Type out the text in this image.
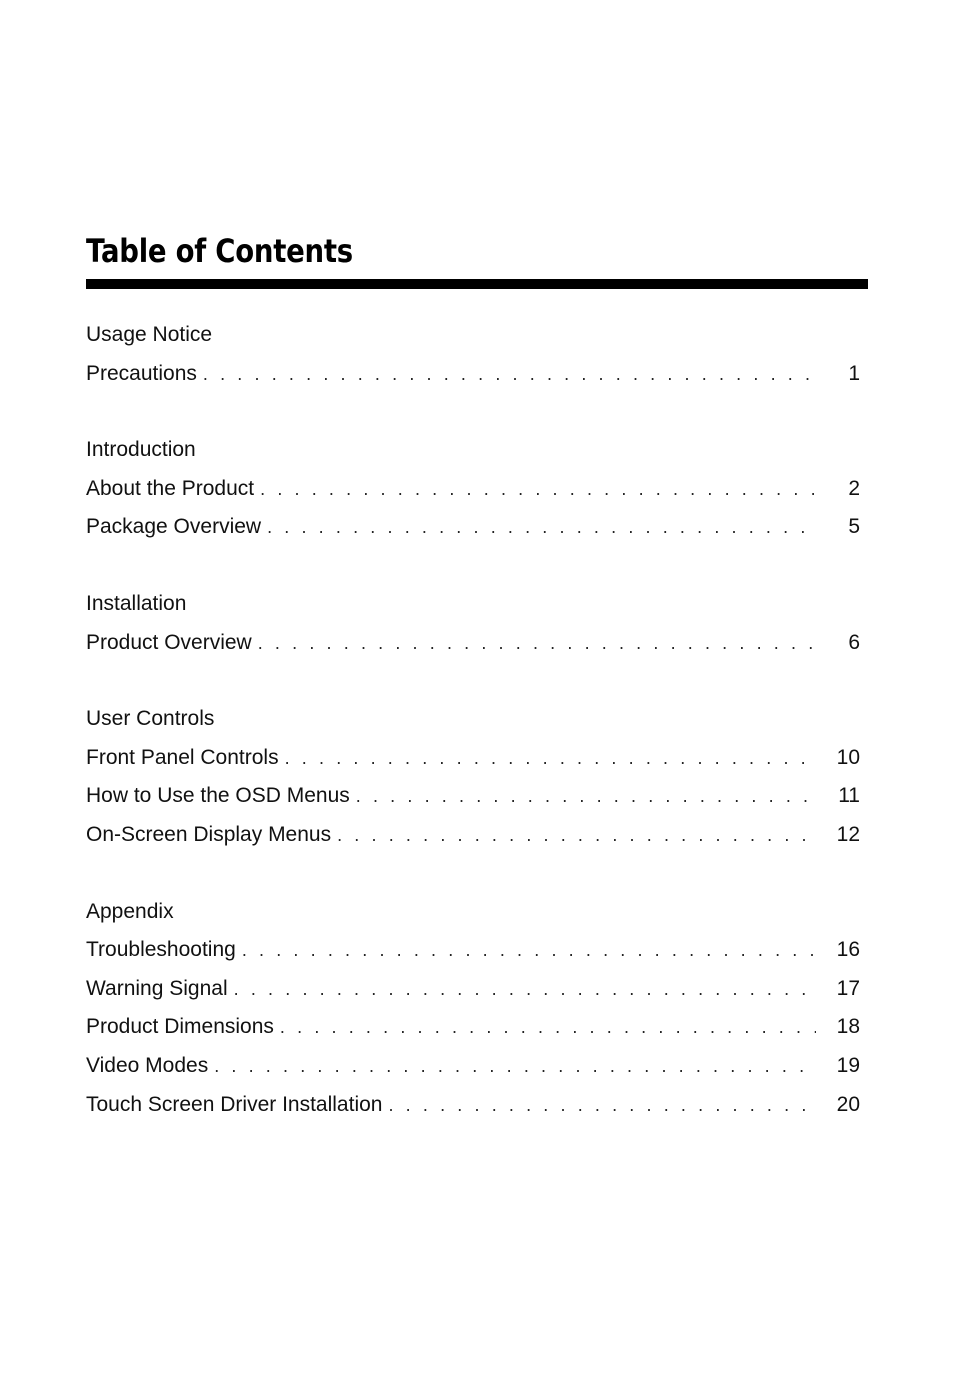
Table of Contents
Usage Notice
Precautions . . .	1
Introduction
About the Product . . .	2
Package Overview . . .	5
Installation
Product Overview . . .	6
User Controls
Front Panel Controls . . .	10
How to Use the OSD Menus . . .	11
On-Screen Display Menus . . .	12
Appendix
Troubleshooting . . .	16
Warning Signal . . .	17
Product Dimensions . . .	18
Video Modes . . .	19
Touch Screen Driver Installation . . .	20
